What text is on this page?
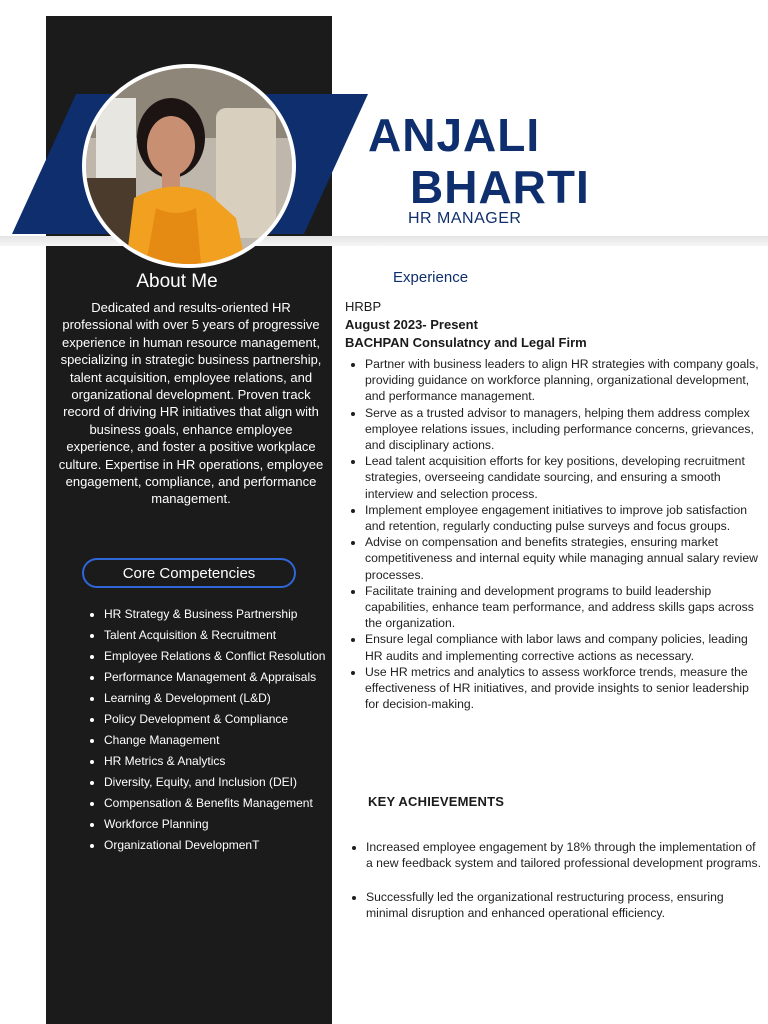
ANJALI
BHARTI
HR MANAGER
About Me
Dedicated and results-oriented HR professional with over 5 years of progressive experience in human resource management, specializing in strategic business partnership, talent acquisition, employee relations, and organizational development. Proven track record of driving HR initiatives that align with business goals, enhance employee experience, and foster a positive workplace culture. Expertise in HR operations, employee engagement, compliance, and performance management.
Core Competencies
• HR Strategy & Business Partnership
• Talent Acquisition & Recruitment
• Employee Relations & Conflict Resolution
• Performance Management & Appraisals
• Learning & Development (L&D)
• Policy Development & Compliance
• Change Management
• HR Metrics & Analytics
• Diversity, Equity, and Inclusion (DEI)
• Compensation & Benefits Management
• Workforce Planning
• Organizational DevelopmenT
Experience
HRBP
August 2023- Present
BACHPAN Consulatncy and Legal Firm
• Partner with business leaders to align HR strategies with company goals, providing guidance on workforce planning, organizational development, and performance management.
• Serve as a trusted advisor to managers, helping them address complex employee relations issues, including performance concerns, grievances, and disciplinary actions.
• Lead talent acquisition efforts for key positions, developing recruitment strategies, overseeing candidate sourcing, and ensuring a smooth interview and selection process.
• Implement employee engagement initiatives to improve job satisfaction and retention, regularly conducting pulse surveys and focus groups.
• Advise on compensation and benefits strategies, ensuring market competitiveness and internal equity while managing annual salary review processes.
• Facilitate training and development programs to build leadership capabilities, enhance team performance, and address skills gaps across the organization.
• Ensure legal compliance with labor laws and company policies, leading HR audits and implementing corrective actions as necessary.
• Use HR metrics and analytics to assess workforce trends, measure the effectiveness of HR initiatives, and provide insights to senior leadership for decision-making.
KEY ACHIEVEMENTS
• Increased employee engagement by 18% through the implementation of a new feedback system and tailored professional development programs.
• Successfully led the organizational restructuring process, ensuring minimal disruption and enhanced operational efficiency.
